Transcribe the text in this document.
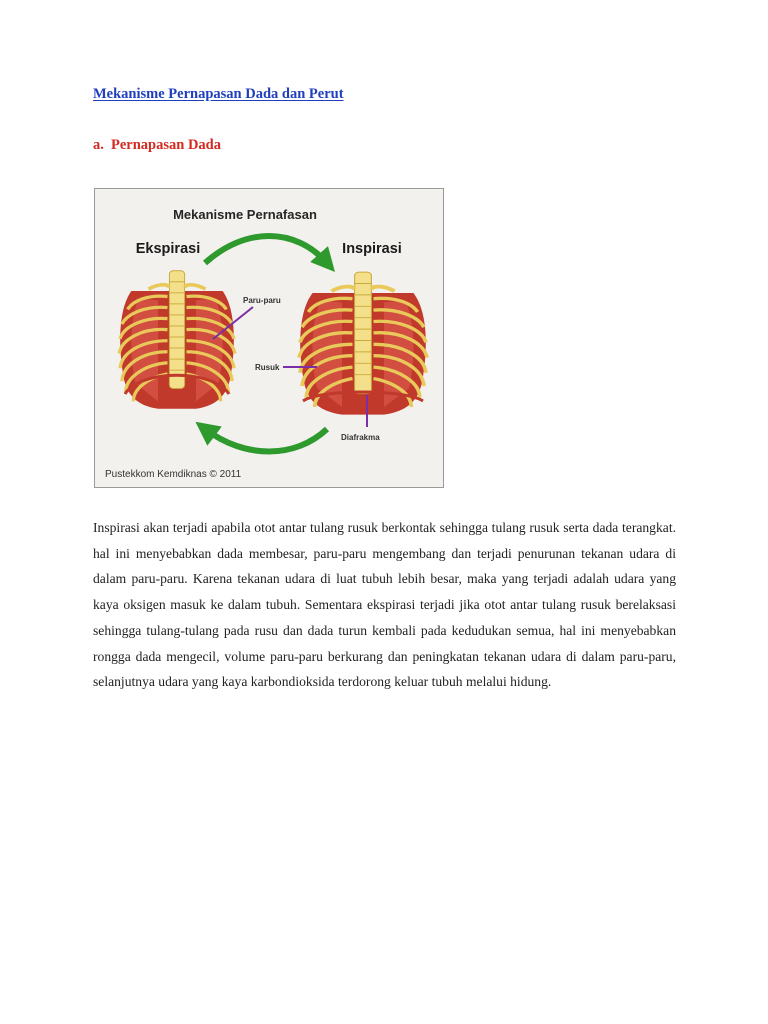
Mekanisme Pernapasan Dada dan Perut
a. Pernapasan Dada
Mekanisme Pernafasan
Ekspirasi	Inspirasi
Paru-paru
Rusuk
Diafrakma
Pustekkom Kemdiknas © 2011

Inspirasi akan terjadi apabila otot antar tulang rusuk berkontak sehingga tulang rusuk serta dada terangkat. hal ini menyebabkan dada membesar, paru-paru mengembang dan terjadi penurunan tekanan udara di dalam paru-paru. Karena tekanan udara di luat tubuh lebih besar, maka yang terjadi adalah udara yang kaya oksigen masuk ke dalam tubuh. Sementara ekspirasi terjadi jika otot antar tulang rusuk berelaksasi sehingga tulang-tulang pada rusu dan dada turun kembali pada kedudukan semua, hal ini menyebabkan rongga dada mengecil, volume paru-paru berkurang dan peningkatan tekanan udara di dalam paru-paru, selanjutnya udara yang kaya karbondioksida terdorong keluar tubuh melalui hidung.
